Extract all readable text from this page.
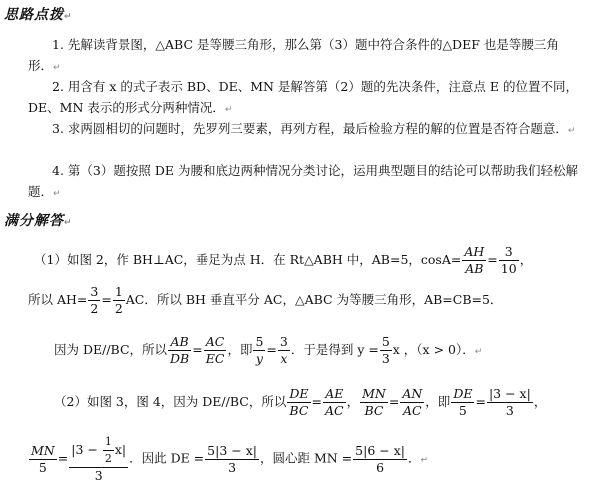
思路点拨↵
1. 先解读背景图，△ABC 是等腰三角形，那么第（3）题中符合条件的△DEF 也是等腰三角形．↵
2. 用含有 x 的式子表示 BD、DE、MN 是解答第（2）题的先决条件，注意点 E 的位置不同，DE、MN 表示的形式分两种情况．↵
3. 求两圆相切的问题时，先罗列三要素，再列方程，最后检验方程的解的位置是否符合题意．↵
4. 第（3）题按照 DE 为腰和底边两种情况分类讨论，运用典型题目的结论可以帮助我们轻松解题．↵
满分解答↵
（1）如图 2，作 BH⊥AC，垂足为点 H．在 Rt△ABH 中，AB=5，$\cos A= \frac{AH}{AB} = \frac{3}{10}$ ，
所以 $AH= \frac{3}{2} = \frac{1}{2}$ AC．所以 BH 垂直平分 AC，△ABC 为等腰三角形，AB=CB=5．
因为 DE//BC，所以 $\frac{AB}{DB} = \frac{AC}{EC}$ ，即 $\frac{5}{y} = \frac{3}{x}$ ．于是得到 $y = \frac{5}{3}$ x ，（x > 0）．↵
（2）如图 3，图 4，因为 DE//BC，所以 $\frac{DE}{BC} = \frac{AE}{AC}$ ， $\frac{MN}{BC} = \frac{AN}{AC}$ ，即 $\frac{DE}{5} = \frac{|3 - x|}{3}$ ，
$\frac{MN}{5} = \frac{|3 - \frac{1}{2} x|}{3}$ ．因此 DE = $\frac{5|3 - x|}{3}$ ，圆心距 MN = $\frac{5|6 - x|}{6}$ ．↵
